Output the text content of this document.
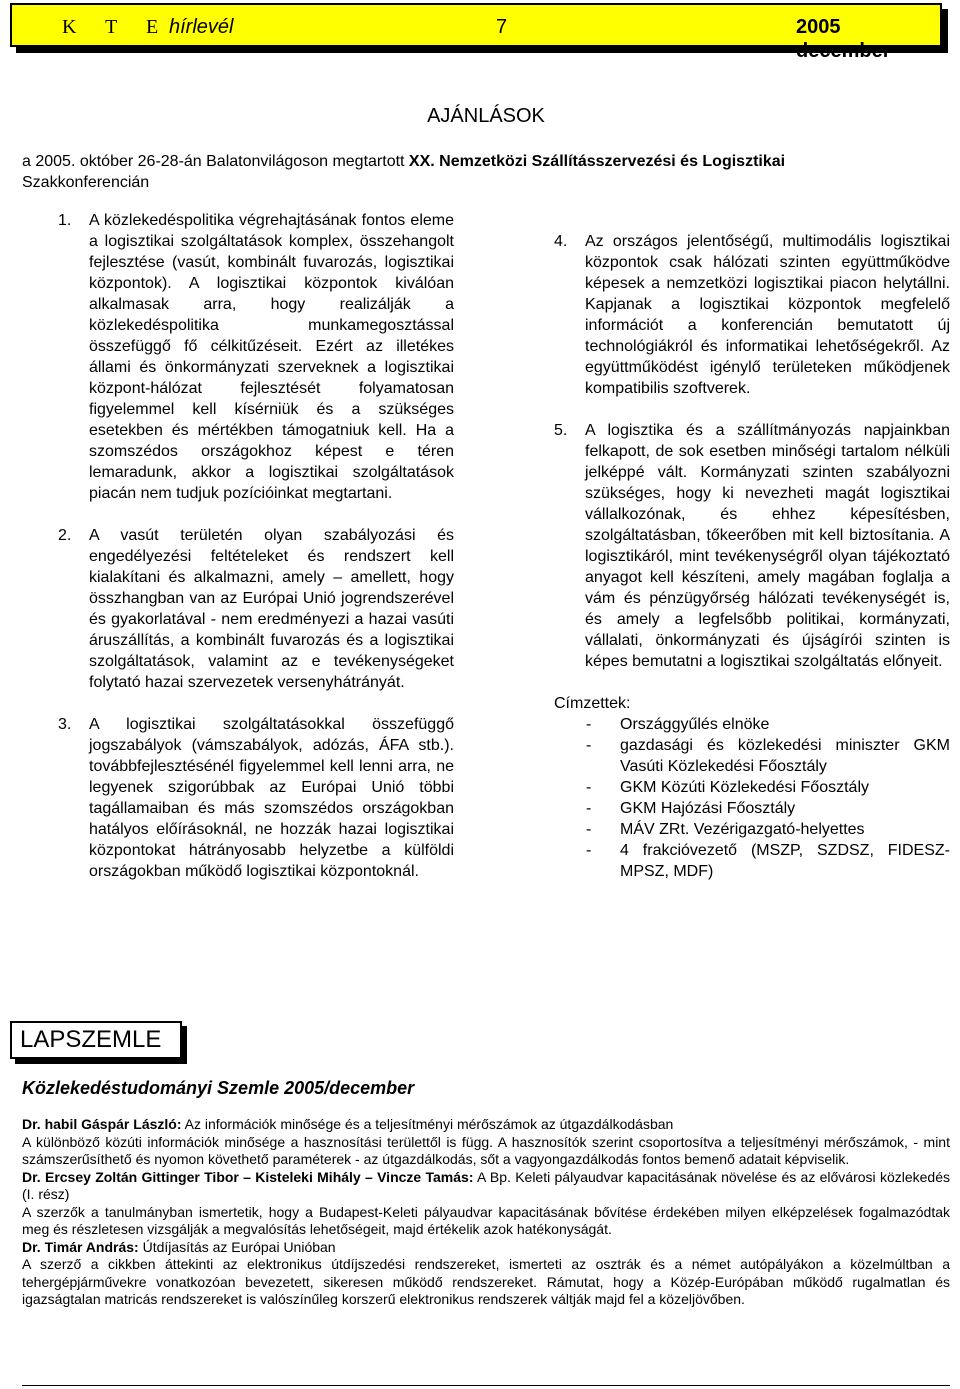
K T E
hírlevél	7	2005 december
AJÁNLÁSOK
a 2005. október 26-28-án Balatonvilágoson megtartott XX. Nemzetközi Szállításszervezési és Logisztikai
Szakkonferencián
1. A közlekedéspolitika végrehajtásának fontos eleme a logisztikai szolgáltatások komplex, összehangolt fejlesztése (vasút, kombinált fuvarozás, logisztikai központok). A logisztikai központok kiválóan alkalmasak arra, hogy realizálják a közlekedéspolitika munkamegosztással összefüggő fő célkitűzéseit. Ezért az illetékes állami és önkormányzati szerveknek a logisztikai központ-hálózat fejlesztését folyamatosan figyelemmel kell kísérniük és a szükséges esetekben és mértékben támogatniuk kell. Ha a szomszédos országokhoz képest e téren lemaradunk, akkor a logisztikai szolgáltatások piacán nem tudjuk pozícióinkat megtartani.
2. A vasút területén olyan szabályozási és engedélyezési feltételeket és rendszert kell kialakítani és alkalmazni, amely – amellett, hogy összhangban van az Európai Unió jogrendszerével és gyakorlatával - nem eredményezi a hazai vasúti áruszállítás, a kombinált fuvarozás és a logisztikai szolgáltatások, valamint az e tevékenységeket folytató hazai szervezetek versenyhátrányát.
3. A logisztikai szolgáltatásokkal összefüggő jogszabályok (vámszabályok, adózás, ÁFA stb.). továbbfejlesztésénél figyelemmel kell lenni arra, ne legyenek szigorúbbak az Európai Unió többi tagállamaiban és más szomszédos országokban hatályos előírásoknál, ne hozzák hazai logisztikai központokat hátrányosabb helyzetbe a külföldi országokban működő logisztikai központoknál.
4. Az országos jelentőségű, multimodális logisztikai központok csak hálózati szinten együttműködve képesek a nemzetközi logisztikai piacon helytállni. Kapjanak a logisztikai központok megfelelő információt a konferencián bemutatott új technológiákról és informatikai lehetőségekről. Az együttműködést igénylő területeken működjenek kompatibilis szoftverek.
5. A logisztika és a szállítmányozás napjainkban felkapott, de sok esetben minőségi tartalom nélküli jelképpé vált. Kormányzati szinten szabályozni szükséges, hogy ki nevezheti magát logisztikai vállalkozónak, és ehhez képesítésben, szolgáltatásban, tőkeerőben mit kell biztosítania. A logisztikáról, mint tevékenységről olyan tájékoztató anyagot kell készíteni, amely magában foglalja a vám és pénzügyőrség hálózati tevékenységét is, és amely a legfelsőbb politikai, kormányzati, vállalati, önkormányzati és újságírói szinten is képes bemutatni a logisztikai szolgáltatás előnyeit.
Címzettek:
- Országgyűlés elnöke
- gazdasági és közlekedési miniszter GKM Vasúti Közlekedési Főosztály
- GKM Közúti Közlekedési Főosztály
- GKM Hajózási Főosztály
- MÁV ZRt. Vezérigazgató-helyettes
- 4 frakcióvezető (MSZP, SZDSZ, FIDESZ-MPSZ, MDF)
LAPSZEMLE
Közlekedéstudományi Szemle 2005/december

Dr. habil Gáspár László: Az információk minősége és a teljesítményi mérőszámok az útgazdálkodásban

A különböző közúti információk minősége a hasznosítási területtől is függ. A hasznosítók szerint csoportosítva a teljesítményi mérőszámok, - mint számszerűsíthető és nyomon követhető paraméterek - az útgazdálkodás, sőt a vagyongazdálkodás fontos bemenő adatait képviselik.

Dr. Ercsey Zoltán Gittinger Tibor – Kisteleki Mihály – Vincze Tamás: A Bp. Keleti pályaudvar kapacitásának növelése és az elővárosi közlekedés (I. rész)

A szerzők a tanulmányban ismertetik, hogy a Budapest-Keleti pályaudvar kapacitásának bővítése érdekében milyen elképzelések fogalmazódtak meg és részletesen vizsgálják a megvalósítás lehetőségeit, majd értékelik azok hatékonyságát.

Dr. Timár András: Útdíjasítás az Európai Unióban

A szerző a cikkben áttekinti az elektronikus útdíjszedési rendszereket, ismerteti az osztrák és a német autópályákon a közelmúltban a tehergépjárművekre vonatkozóan bevezetett, sikeresen működő rendszereket. Rámutat, hogy a Közép-Európában működő rugalmatlan és igazságtalan matricás rendszereket is valószínűleg korszerű elektronikus rendszerek váltják majd fel a közeljövőben.
